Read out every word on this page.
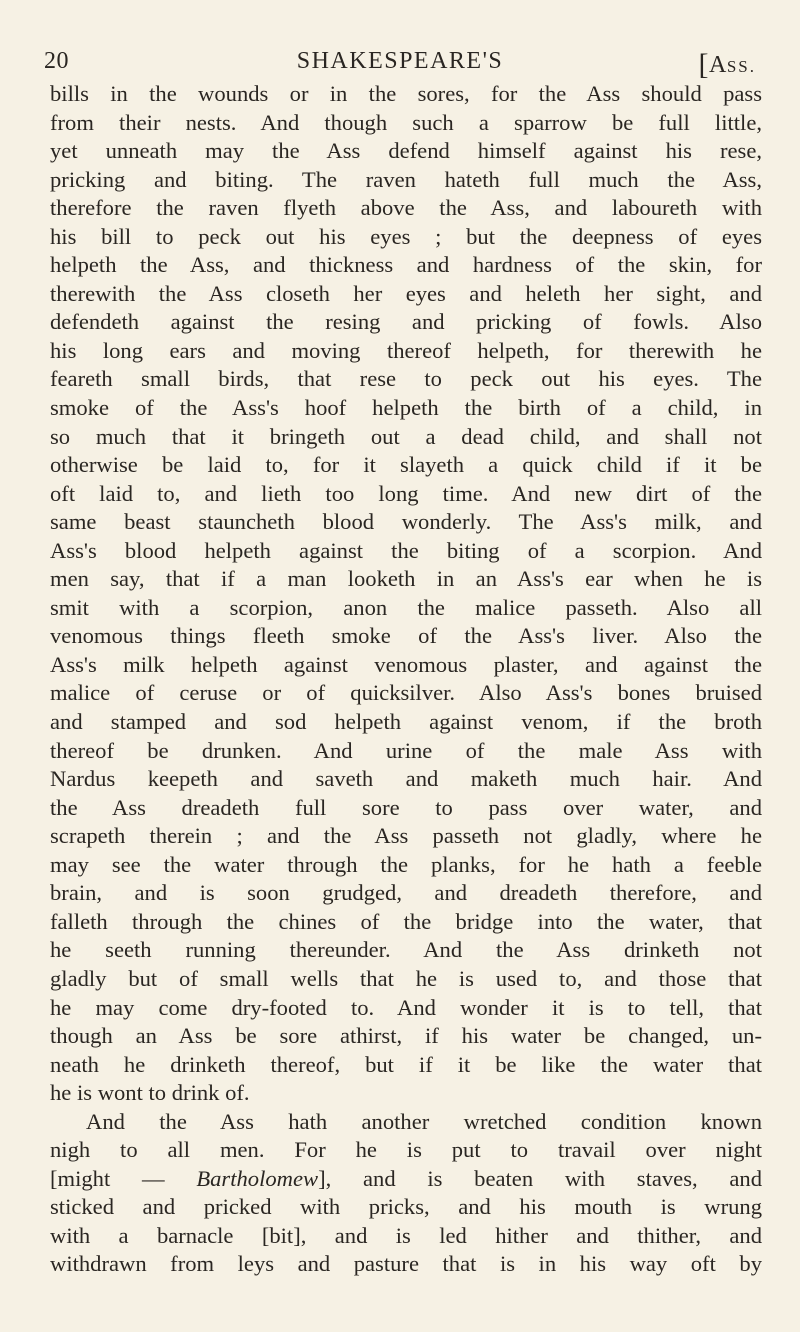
20	SHAKESPEARE'S	[ASS.
bills in the wounds or in the sores, for the Ass should pass
from their nests. And though such a sparrow be full little,
yet unneath may the Ass defend himself against his rese,
pricking and biting. The raven hateth full much the Ass,
therefore the raven flyeth above the Ass, and laboureth with
his bill to peck out his eyes ; but the deepness of eyes
helpeth the Ass, and thickness and hardness of the skin, for
therewith the Ass closeth her eyes and heleth her sight, and
defendeth against the resing and pricking of fowls. Also
his long ears and moving thereof helpeth, for therewith he
feareth small birds, that rese to peck out his eyes. The
smoke of the Ass's hoof helpeth the birth of a child, in
so much that it bringeth out a dead child, and shall not
otherwise be laid to, for it slayeth a quick child if it be
oft laid to, and lieth too long time. And new dirt of the
same beast stauncheth blood wonderly. The Ass's milk, and
Ass's blood helpeth against the biting of a scorpion. And
men say, that if a man looketh in an Ass's ear when he is
smit with a scorpion, anon the malice passeth. Also all
venomous things fleeth smoke of the Ass's liver. Also the
Ass's milk helpeth against venomous plaster, and against the
malice of ceruse or of quicksilver. Also Ass's bones bruised
and stamped and sod helpeth against venom, if the broth
thereof be drunken. And urine of the male Ass with
Nardus keepeth and saveth and maketh much hair. And
the Ass dreadeth full sore to pass over water, and
scrapeth therein ; and the Ass passeth not gladly, where he
may see the water through the planks, for he hath a feeble
brain, and is soon grudged, and dreadeth therefore, and
falleth through the chines of the bridge into the water, that
he seeth running thereunder. And the Ass drinketh not
gladly but of small wells that he is used to, and those that
he may come dry-footed to. And wonder it is to tell, that
though an Ass be sore athirst, if his water be changed, un-
neath he drinketh thereof, but if it be like the water that
he is wont to drink of.
And the Ass hath another wretched condition known
nigh to all men. For he is put to travail over night
[might — Bartholomew], and is beaten with staves, and
sticked and pricked with pricks, and his mouth is wrung
with a barnacle [bit], and is led hither and thither, and
withdrawn from leys and pasture that is in his way oft by
